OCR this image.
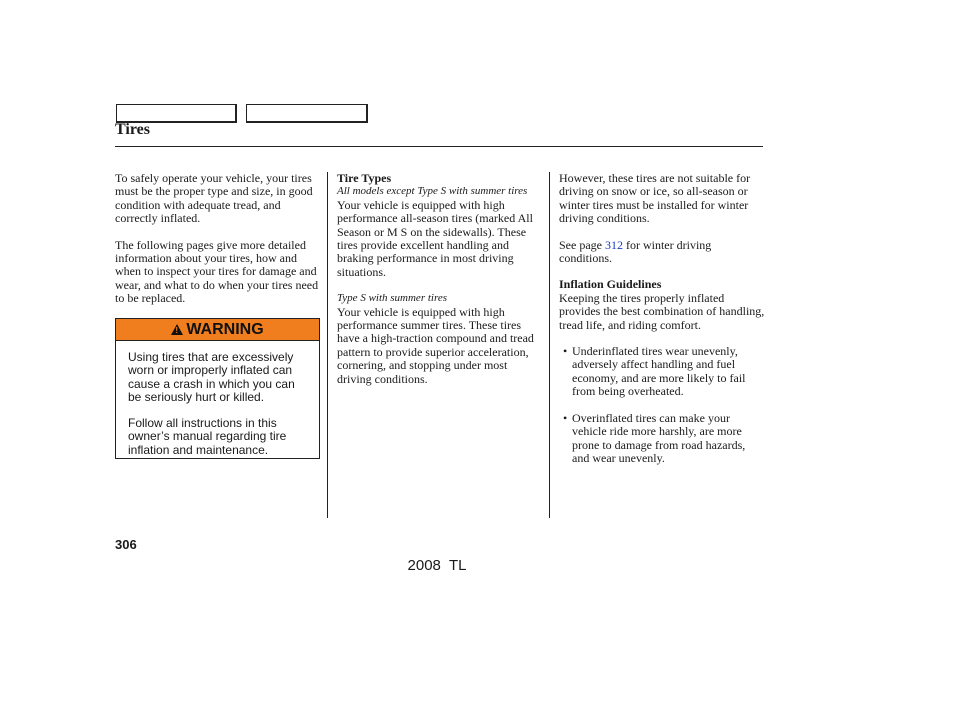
Tires

To safely operate your vehicle, your tires must be the proper type and size, in good condition with adequate tread, and correctly inflated.

The following pages give more detailed information about your tires, how and when to inspect your tires for damage and wear, and what to do when your tires need to be replaced.

! WARNING

Using tires that are excessively worn or improperly inflated can cause a crash in which you can be seriously hurt or killed.

Follow all instructions in this owner’s manual regarding tire inflation and maintenance.

Tire Types
All models except Type S with summer tires

Your vehicle is equipped with high performance all-season tires (marked All Season or M S on the sidewalls). These tires provide excellent handling and braking performance in most driving situations.

Type S with summer tires

Your vehicle is equipped with high performance summer tires. These tires have a high-traction compound and tread pattern to provide superior acceleration, cornering, and stopping under most driving conditions.

However, these tires are not suitable for driving on snow or ice, so all-season or winter tires must be installed for winter driving conditions.

See page 312 for winter driving conditions.

Inflation Guidelines

Keeping the tires properly inflated provides the best combination of handling, tread life, and riding comfort.

• Underinflated tires wear unevenly, adversely affect handling and fuel economy, and are more likely to fail from being overheated.
• Overinflated tires can make your vehicle ride more harshly, are more prone to damage from road hazards, and wear unevenly.
306
2008  TL
